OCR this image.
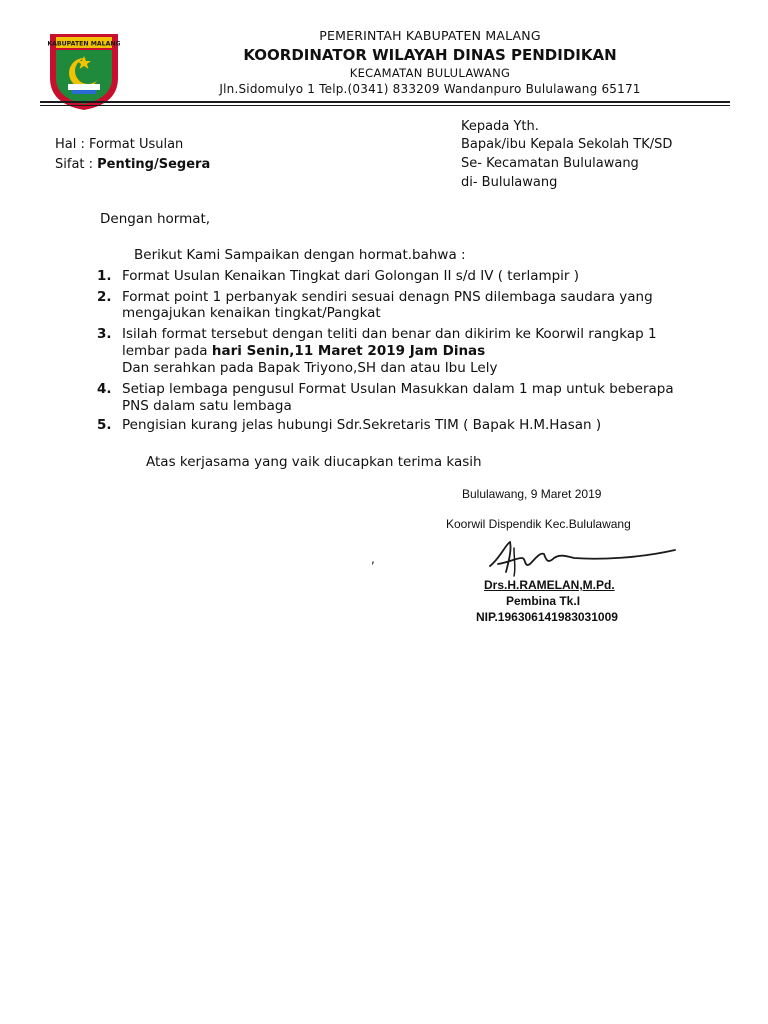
KABUPATEN MALANG
PEMERINTAH KABUPATEN MALANG
KOORDINATOR WILAYAH DINAS PENDIDIKAN
KECAMATAN BULULAWANG
Jln.Sidomulyo 1 Telp.(0341) 833209 Wandanpuro Bululawang 65171
Hal : Format Usulan
Sifat : Penting/Segera
Kepada Yth.
Bapak/ibu Kepala Sekolah TK/SD
Se- Kecamatan Bululawang
di- Bululawang
Dengan hormat,
Berikut Kami Sampaikan dengan hormat.bahwa :
1. Format Usulan Kenaikan Tingkat dari Golongan II s/d IV ( terlampir )
2. Format point 1 perbanyak sendiri sesuai denagn PNS dilembaga saudara yang
mengajukan kenaikan tingkat/Pangkat
3. Isilah format tersebut dengan teliti dan benar dan dikirim ke Koorwil rangkap 1
lembar pada hari Senin,11 Maret 2019 Jam Dinas
Dan serahkan pada Bapak Triyono,SH dan atau Ibu Lely
4. Setiap lembaga pengusul Format Usulan Masukkan dalam 1 map untuk beberapa
PNS dalam satu lembaga
5. Pengisian kurang jelas hubungi Sdr.Sekretaris TIM ( Bapak H.M.Hasan )
Atas kerjasama yang vaik diucapkan terima kasih
Bululawang, 9 Maret 2019
Koorwil Dispendik Kec.Bululawang
,
Drs.H.RAMELAN,M.Pd.
Pembina Tk.I
NIP.196306141983031009
